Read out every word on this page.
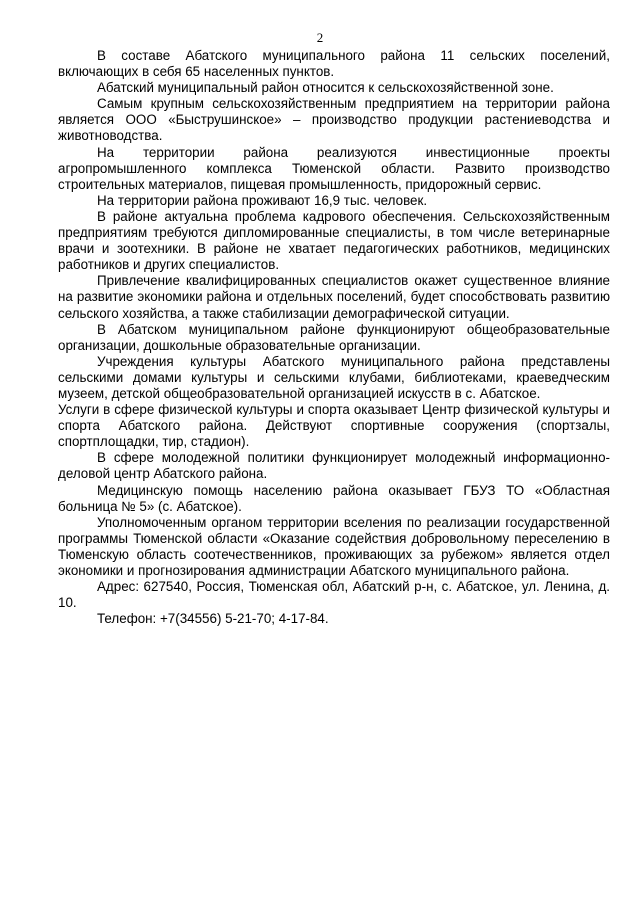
2

В составе Абатского муниципального района 11 сельских поселений, включающих в себя 65 населенных пунктов.

Абатский муниципальный район относится к сельскохозяйственной зоне.

Самым крупным сельскохозяйственным предприятием на территории района является ООО «Быструшинское» – производство продукции растениеводства и животноводства.

На территории района реализуются инвестиционные проекты агропромышленного комплекса Тюменской области. Развито производство строительных материалов, пищевая промышленность, придорожный сервис.

На территории района проживают 16,9 тыс. человек.

В районе актуальна проблема кадрового обеспечения. Сельскохозяйственным предприятиям требуются дипломированные специалисты, в том числе ветеринарные врачи и зоотехники. В районе не хватает педагогических работников, медицинских работников и других специалистов.

Привлечение квалифицированных специалистов окажет существенное влияние на развитие экономики района и отдельных поселений, будет способствовать развитию сельского хозяйства, а также стабилизации демографической ситуации.

В Абатском муниципальном районе функционируют общеобразовательные организации, дошкольные образовательные организации.

Учреждения культуры Абатского муниципального района представлены сельскими домами культуры и сельскими клубами, библиотеками, краеведческим музеем, детской общеобразовательной организацией искусств в с. Абатское.

Услуги в сфере физической культуры и спорта оказывает Центр физической культуры и спорта Абатского района. Действуют спортивные сооружения (спортзалы, спортплощадки, тир, стадион).

В сфере молодежной политики функционирует молодежный информационно-деловой центр Абатского района.

Медицинскую помощь населению района оказывает ГБУЗ ТО «Областная больница № 5» (с. Абатское).

Уполномоченным органом территории вселения по реализации государственной программы Тюменской области «Оказание содействия добровольному переселению в Тюменскую область соотечественников, проживающих за рубежом» является отдел экономики и прогнозирования администрации Абатского муниципального района.

Адрес: 627540, Россия, Тюменская обл, Абатский р-н, с. Абатское, ул. Ленина, д. 10.

Телефон: +7(34556) 5-21-70; 4-17-84.
